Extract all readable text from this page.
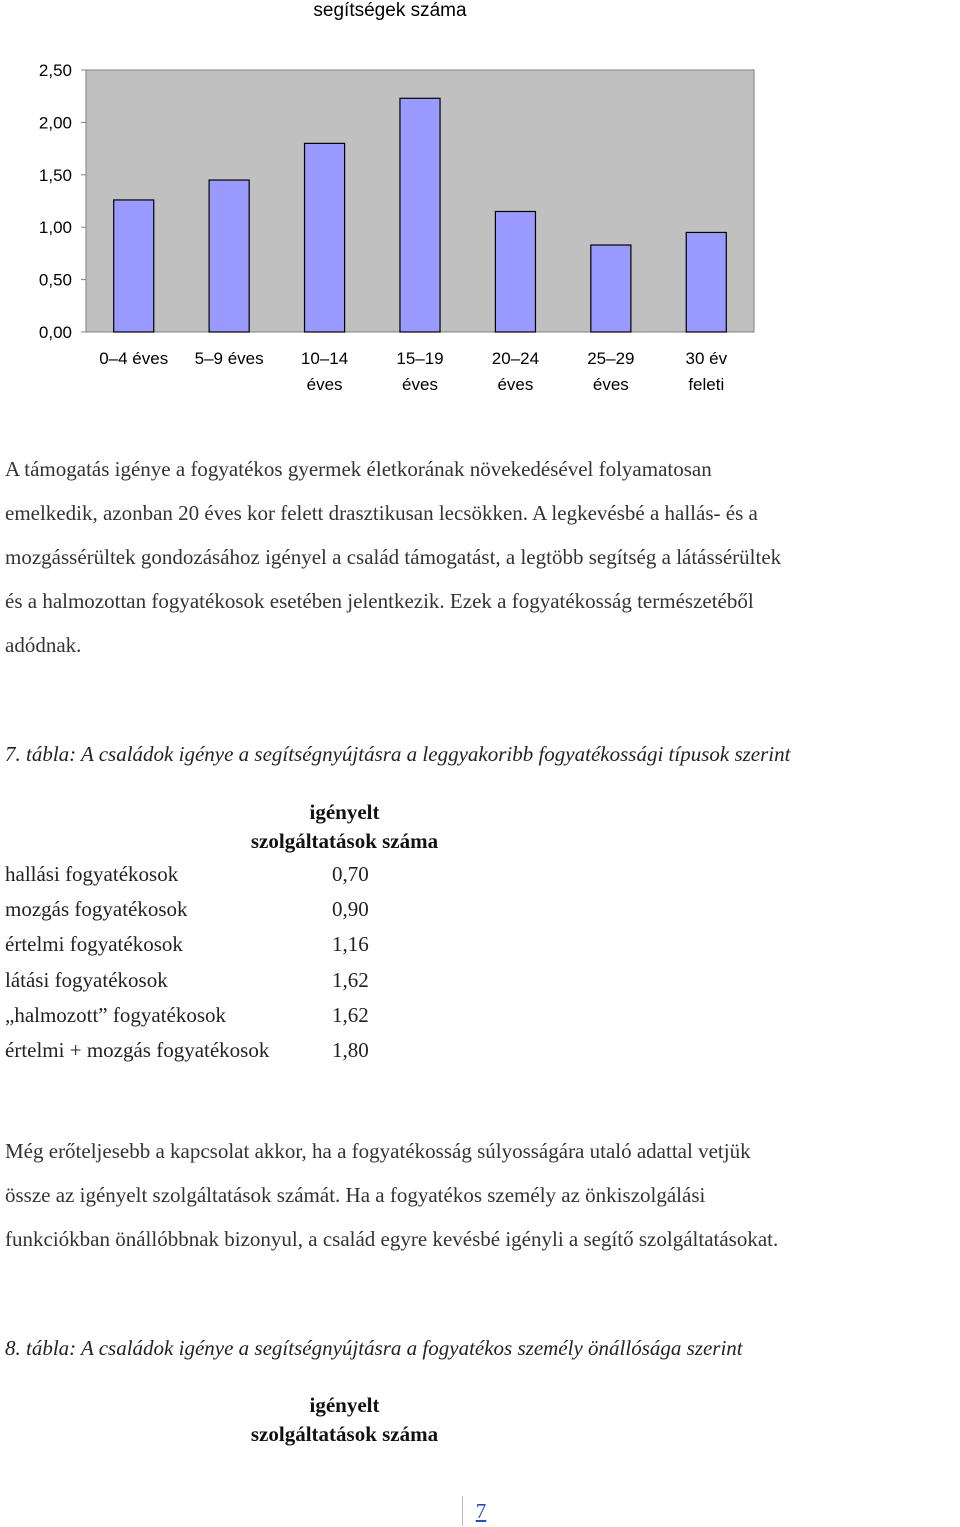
segítségek száma
0,00
0,50
1,00
1,50
2,00
2,50
0–4 éves 5–9 éves 10–14
éves
15–19
éves
20–24
éves
25–29
éves
30 év
feleti
A támogatás igénye a fogyatékos gyermek életkorának növekedésével folyamatosan
emelkedik, azonban 20 éves kor felett drasztikusan lecsökken. A legkevésbé a hallás- és a
mozgássérültek gondozásához igényel a család támogatást, a legtöbb segítség a látássérültek
és a halmozottan fogyatékosok esetében jelentkezik. Ezek a fogyatékosság természetéből
adódnak.
7. tábla: A családok igénye a segítségnyújtásra a leggyakoribb fogyatékossági típusok szerint
igényelt
szolgáltatások száma
hallási fogyatékosok	0,70
mozgás fogyatékosok	0,90
értelmi fogyatékosok	1,16
látási fogyatékosok	1,62
„halmozott” fogyatékosok	1,62
értelmi + mozgás fogyatékosok	1,80
Még erőteljesebb a kapcsolat akkor, ha a fogyatékosság súlyosságára utaló adattal vetjük
össze az igényelt szolgáltatások számát. Ha a fogyatékos személy az önkiszolgálási
funkciókban önállóbbnak bizonyul, a család egyre kevésbé igényli a segítő szolgáltatásokat.
8. tábla: A családok igénye a segítségnyújtásra a fogyatékos személy önállósága szerint
igényelt
szolgáltatások száma
7
